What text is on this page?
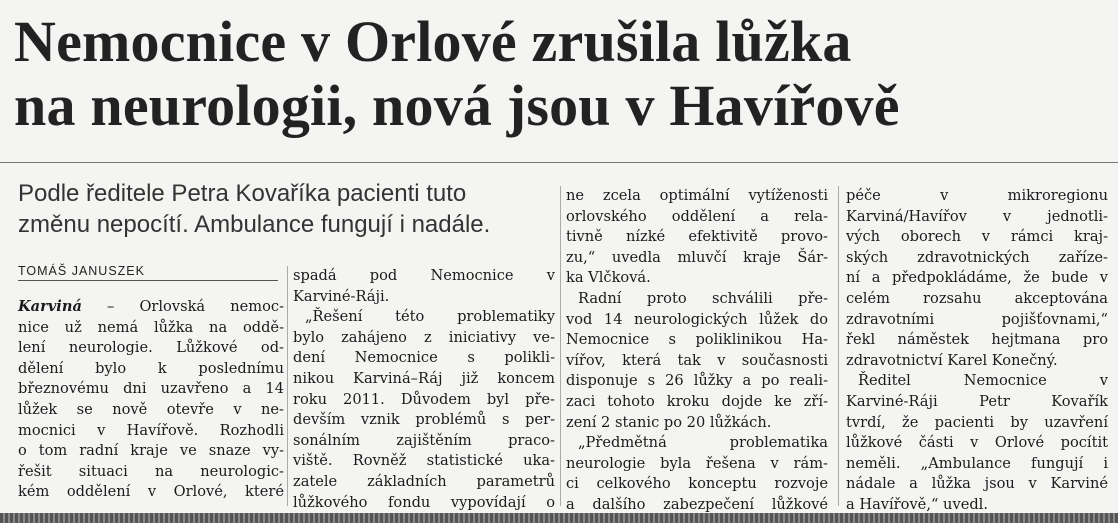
Nemocnice v Orlové zrušila lůžka
na neurologii, nová jsou v Havířově
Podle ředitele Petra Kovaříka pacienti tuto
změnu nepocítí. Ambulance fungují i nadále.
TOMÁŠ JANUSZEK
Karviná – Orlovská nemoc-
nice už nemá lůžka na oddě-
lení neurologie. Lůžkové od-
dělení bylo k poslednímu
březnovému dni uzavřeno a 14
lůžek se nově otevře v ne-
mocnici v Havířově. Rozhodli
o tom radní kraje ve snaze vy-
řešit situaci na neurologic-
kém oddělení v Orlové, které
spadá pod Nemocnice v
Karviné-Ráji.
„Řešení této problematiky
bylo zahájeno z iniciativy ve-
dení Nemocnice s polikli-
nikou Karviná–Ráj již koncem
roku 2011. Důvodem byl pře-
devším vznik problémů s per-
sonálním zajištěním praco-
viště. Rovněž statistické uka-
zatele základních parametrů
lůžkového fondu vypovídají o
ne zcela optimální vytíženosti
orlovského oddělení a rela-
tivně nízké efektivitě provo-
zu,“ uvedla mluvčí kraje Šár-
ka Vlčková.
Radní proto schválili pře-
vod 14 neurologických lůžek do
Nemocnice s poliklinikou Ha-
vířov, která tak v současnosti
disponuje s 26 lůžky a po reali-
zaci tohoto kroku dojde ke zří-
zení 2 stanic po 20 lůžkách.
„Předmětná problematika
neurologie byla řešena v rám-
ci celkového konceptu rozvoje
a dalšího zabezpečení lůžkové
péče v mikroregionu
Karviná/Havířov v jednotli-
vých oborech v rámci kraj-
ských zdravotnických zaříze-
ní a předpokládáme, že bude v
celém rozsahu akceptována
zdravotními pojišťovnami,“
řekl náměstek hejtmana pro
zdravotnictví Karel Konečný.
Ředitel Nemocnice v
Karviné-Ráji Petr Kovařík
tvrdí, že pacienti by uzavření
lůžkové části v Orlové pocítit
neměli. „Ambulance fungují i
nádale a lůžka jsou v Karviné
a Havířově,“ uvedl.
